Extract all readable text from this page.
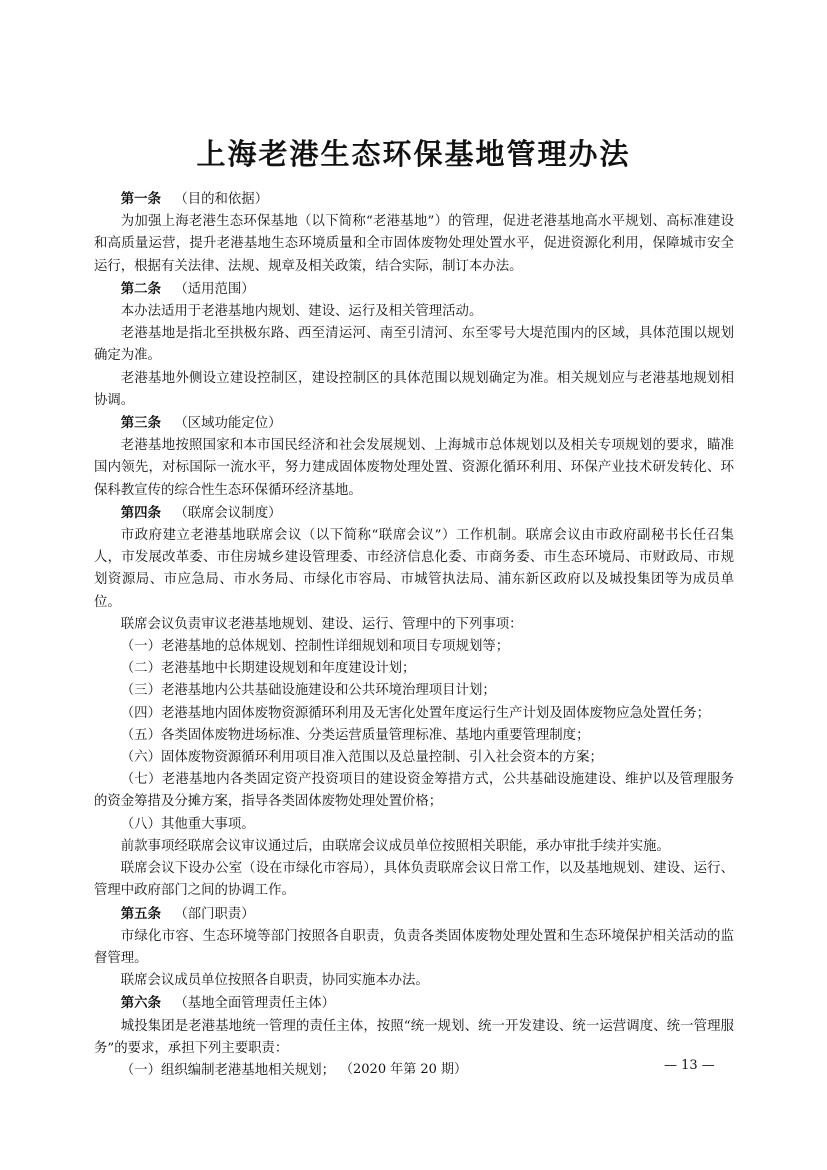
上海老港生态环保基地管理办法

第一条 （目的和依据）

为加强上海老港生态环保基地（以下简称“老港基地”）的管理，促进老港基地高水平规划、高标准建设和高质量运营，提升老港基地生态环境质量和全市固体废物处理处置水平，促进资源化利用，保障城市安全运行，根据有关法律、法规、规章及相关政策，结合实际，制订本办法。

第二条 （适用范围）

本办法适用于老港基地内规划、建设、运行及相关管理活动。

老港基地是指北至拱极东路、西至清运河、南至引清河、东至零号大堤范围内的区域，具体范围以规划确定为准。

老港基地外侧设立建设控制区，建设控制区的具体范围以规划确定为准。相关规划应与老港基地规划相协调。

第三条 （区域功能定位）

老港基地按照国家和本市国民经济和社会发展规划、上海城市总体规划以及相关专项规划的要求，瞄准国内领先，对标国际一流水平，努力建成固体废物处理处置、资源化循环利用、环保产业技术研发转化、环保科教宣传的综合性生态环保循环经济基地。

第四条 （联席会议制度）

市政府建立老港基地联席会议（以下简称“联席会议”）工作机制。联席会议由市政府副秘书长任召集人，市发展改革委、市住房城乡建设管理委、市经济信息化委、市商务委、市生态环境局、市财政局、市规划资源局、市应急局、市水务局、市绿化市容局、市城管执法局、浦东新区政府以及城投集团等为成员单位。

联席会议负责审议老港基地规划、建设、运行、管理中的下列事项：

（一）老港基地的总体规划、控制性详细规划和项目专项规划等；

（二）老港基地中长期建设规划和年度建设计划；

（三）老港基地内公共基础设施建设和公共环境治理项目计划；

（四）老港基地内固体废物资源循环利用及无害化处置年度运行生产计划及固体废物应急处置任务；

（五）各类固体废物进场标准、分类运营质量管理标准、基地内重要管理制度；

（六）固体废物资源循环利用项目准入范围以及总量控制、引入社会资本的方案；

（七）老港基地内各类固定资产投资项目的建设资金筹措方式，公共基础设施建设、维护以及管理服务的资金筹措及分摊方案，指导各类固体废物处理处置价格；

（八）其他重大事项。

前款事项经联席会议审议通过后，由联席会议成员单位按照相关职能，承办审批手续并实施。

联席会议下设办公室（设在市绿化市容局），具体负责联席会议日常工作，以及基地规划、建设、运行、管理中政府部门之间的协调工作。

第五条 （部门职责）

市绿化市容、生态环境等部门按照各自职责，负责各类固体废物处理处置和生态环境保护相关活动的监督管理。

联席会议成员单位按照各自职责，协同实施本办法。

第六条 （基地全面管理责任主体）

城投集团是老港基地统一管理的责任主体，按照“统一规划、统一开发建设、统一运营调度、统一管理服务”的要求，承担下列主要职责：

（一）组织编制老港基地相关规划； （2020 年第 20 期）	— 13 —
